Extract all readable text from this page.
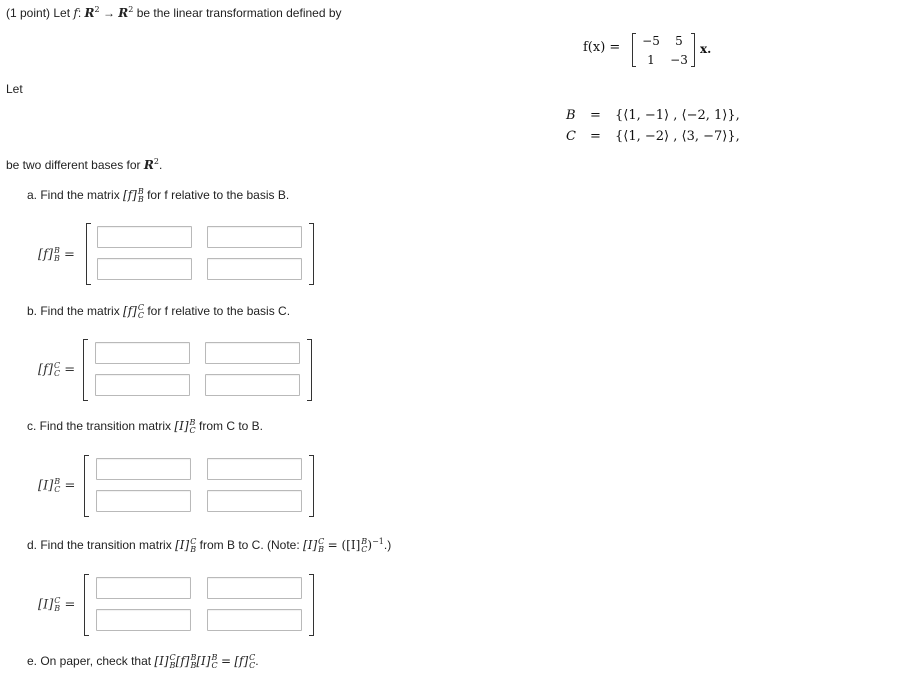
(1 point) Let f: $R^2 \to R^2$ be the linear transformation defined by
f(x) = −5	5
1	−3
x.
Let
B = {⟨1, −1⟩ , ⟨−2, 1⟩},
C = {⟨1, −2⟩ , ⟨3, −7⟩},
be two different bases for $R^2$.
a. Find the matrix [f] B
B for f relative to the basis B.
[f] B
B =
b. Find the matrix [f] C
C for f relative to the basis C.
[f] C
C =
c. Find the transition matrix [I] B
C from C to B.
[I] B
C =
d. Find the transition matrix [I] C
B from B to C. (Note: [I] C
B = ([I] B
C )$^{-1}$.)
[I] C
B =
e. On paper, check that [I] C
B [f] B
B [I] B
C = [f] C
C .
